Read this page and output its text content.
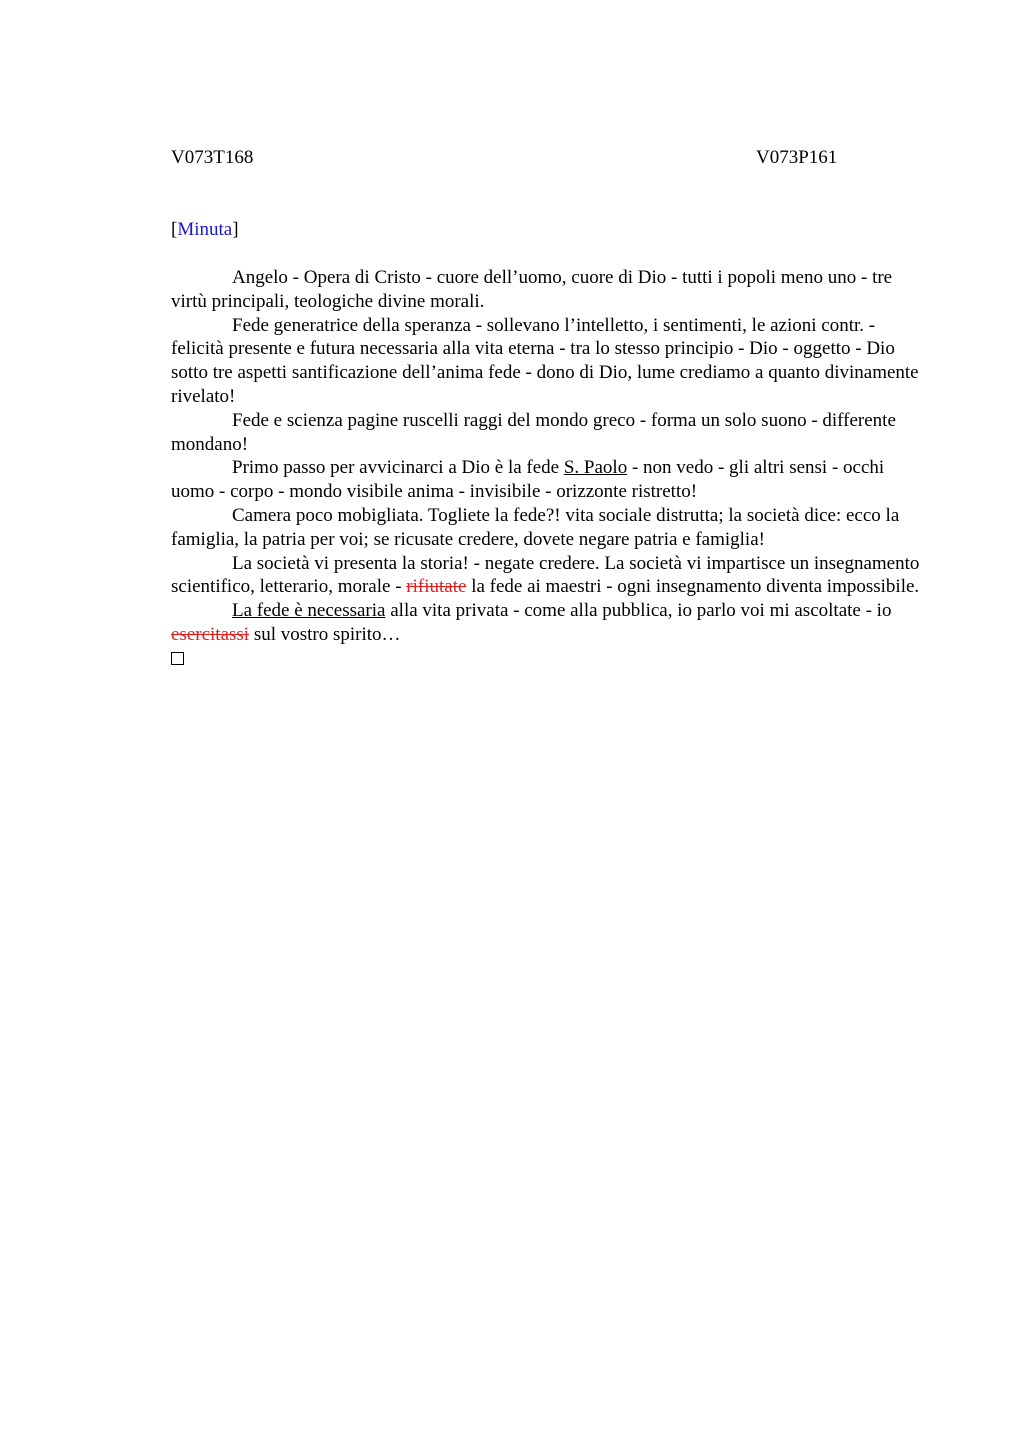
V073T168	V073P161
[Minuta]

Angelo - Opera di Cristo - cuore dell’uomo, cuore di Dio - tutti i popoli meno uno - tre virtù principali, teologiche divine morali.

Fede generatrice della speranza - sollevano l’intelletto, i sentimenti, le azioni contr. - felicità presente e futura necessaria alla vita eterna - tra lo stesso principio - Dio - oggetto - Dio sotto tre aspetti santificazione dell’anima fede - dono di Dio, lume crediamo a quanto divinamente rivelato!

Fede e scienza pagine ruscelli raggi del mondo greco - forma un solo suono - differente mondano!

Primo passo per avvicinarci a Dio è la fede S. Paolo - non vedo - gli altri sensi - occhi uomo - corpo - mondo visibile anima - invisibile - orizzonte ristretto!

Camera poco mobigliata. Togliete la fede?! vita sociale distrutta; la società dice: ecco la famiglia, la patria per voi; se ricusate credere, dovete negare patria e famiglia!

La società vi presenta la storia! - negate credere. La società vi impartisce un insegnamento scientifico, letterario, morale - rifiutate la fede ai maestri - ogni insegnamento diventa impossibile.

La fede è necessaria alla vita privata - come alla pubblica, io parlo voi mi ascoltate - io esercitassi sul vostro spirito…
